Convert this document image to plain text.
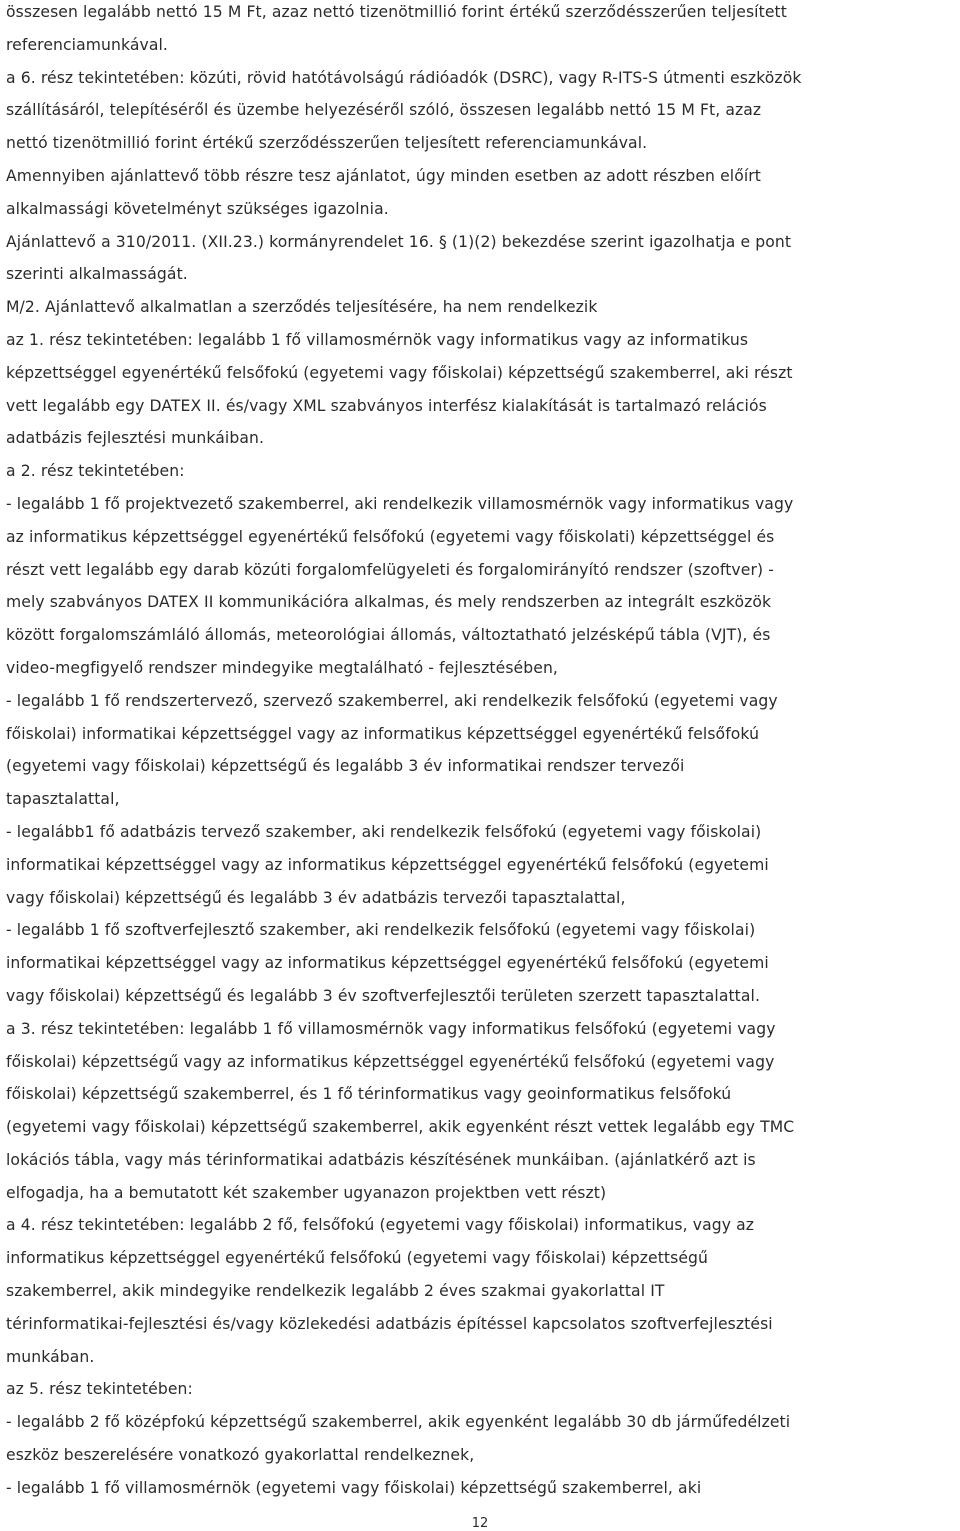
összesen legalább nettó 15 M Ft, azaz nettó tizenötmillió forint értékű szerződésszerűen teljesített
referenciamunkával.
a 6. rész tekintetében: közúti, rövid hatótávolságú rádióadók (DSRC), vagy R-ITS-S útmenti eszközök
szállításáról, telepítéséről és üzembe helyezéséről szóló, összesen legalább nettó 15 M Ft, azaz
nettó tizenötmillió forint értékű szerződésszerűen teljesített referenciamunkával.
Amennyiben ajánlattevő több részre tesz ajánlatot, úgy minden esetben az adott részben előírt
alkalmassági követelményt szükséges igazolnia.
Ajánlattevő a 310/2011. (XII.23.) kormányrendelet 16. § (1)(2) bekezdése szerint igazolhatja e pont
szerinti alkalmasságát.
M/2. Ajánlattevő alkalmatlan a szerződés teljesítésére, ha nem rendelkezik
az 1. rész tekintetében: legalább 1 fő villamosmérnök vagy informatikus vagy az informatikus
képzettséggel egyenértékű felsőfokú (egyetemi vagy főiskolai) képzettségű szakemberrel, aki részt
vett legalább egy DATEX II. és/vagy XML szabványos interfész kialakítását is tartalmazó relációs
adatbázis fejlesztési munkáiban.
a 2. rész tekintetében:
- legalább 1 fő projektvezető szakemberrel, aki rendelkezik villamosmérnök vagy informatikus vagy
az informatikus képzettséggel egyenértékű felsőfokú (egyetemi vagy főiskolati) képzettséggel és
részt vett legalább egy darab közúti forgalomfelügyeleti és forgalomirányító rendszer (szoftver) -
mely szabványos DATEX II kommunikációra alkalmas, és mely rendszerben az integrált eszközök
között forgalomszámláló állomás, meteorológiai állomás, változtatható jelzésképű tábla (VJT), és
video-megfigyelő rendszer mindegyike megtalálható - fejlesztésében,
- legalább 1 fő rendszertervező, szervező szakemberrel, aki rendelkezik felsőfokú (egyetemi vagy
főiskolai) informatikai képzettséggel vagy az informatikus képzettséggel egyenértékű felsőfokú
(egyetemi vagy főiskolai) képzettségű és legalább 3 év informatikai rendszer tervezői
tapasztalattal,
- legalább1 fő adatbázis tervező szakember, aki rendelkezik felsőfokú (egyetemi vagy főiskolai)
informatikai képzettséggel vagy az informatikus képzettséggel egyenértékű felsőfokú (egyetemi
vagy főiskolai) képzettségű és legalább 3 év adatbázis tervezői tapasztalattal,
- legalább 1 fő szoftverfejlesztő szakember, aki rendelkezik felsőfokú (egyetemi vagy főiskolai)
informatikai képzettséggel vagy az informatikus képzettséggel egyenértékű felsőfokú (egyetemi
vagy főiskolai) képzettségű és legalább 3 év szoftverfejlesztői területen szerzett tapasztalattal.
a 3. rész tekintetében: legalább 1 fő villamosmérnök vagy informatikus felsőfokú (egyetemi vagy
főiskolai) képzettségű vagy az informatikus képzettséggel egyenértékű felsőfokú (egyetemi vagy
főiskolai) képzettségű szakemberrel, és 1 fő térinformatikus vagy geoinformatikus felsőfokú
(egyetemi vagy főiskolai) képzettségű szakemberrel, akik egyenként részt vettek legalább egy TMC
lokációs tábla, vagy más térinformatikai adatbázis készítésének munkáiban. (ajánlatkérő azt is
elfogadja, ha a bemutatott két szakember ugyanazon projektben vett részt)
a 4. rész tekintetében: legalább 2 fő, felsőfokú (egyetemi vagy főiskolai) informatikus, vagy az
informatikus képzettséggel egyenértékű felsőfokú (egyetemi vagy főiskolai) képzettségű
szakemberrel, akik mindegyike rendelkezik legalább 2 éves szakmai gyakorlattal IT
térinformatikai-fejlesztési és/vagy közlekedési adatbázis építéssel kapcsolatos szoftverfejlesztési
munkában.
az 5. rész tekintetében:
- legalább 2 fő középfokú képzettségű szakemberrel, akik egyenként legalább 30 db járműfedélzeti
eszköz beszerelésére vonatkozó gyakorlattal rendelkeznek,
- legalább 1 fő villamosmérnök (egyetemi vagy főiskolai) képzettségű szakemberrel, aki
12
